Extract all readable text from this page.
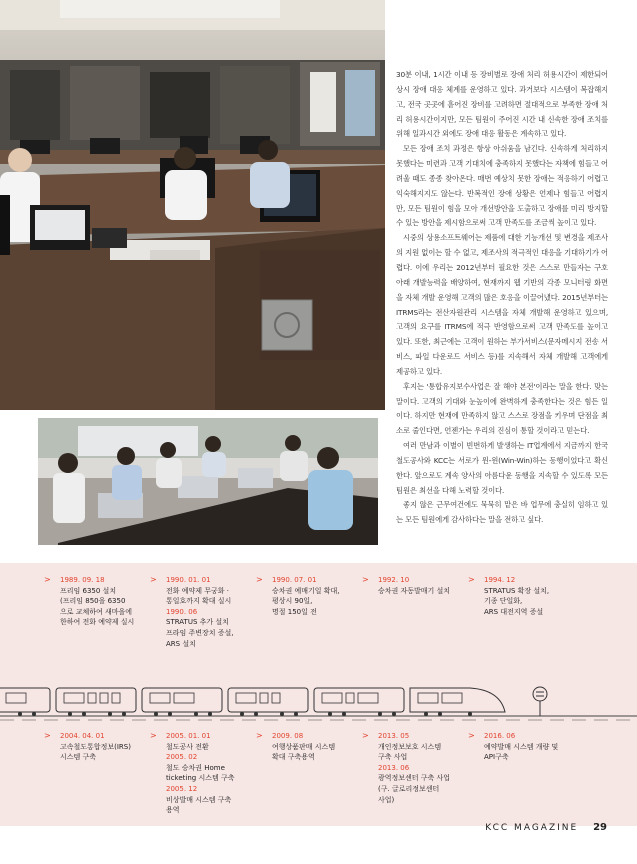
30분 이내, 1시간 이내 등 장비별로 장애 처리 허용시간이 제한되어 상시 장애 대응 체계를 운영하고 있다. 과거보다 시스템이 복잡해지고, 전국 곳곳에 흩어진 장비를 고려하면 절대적으로 부족한 장애 처리 허용시간이지만, 모든 팀원이 주어진 시간 내 신속한 장애 조치를 위해 일과시간 외에도 장애 대응 활동은 계속하고 있다.

모든 장애 조치 과정은 항상 아쉬움을 남긴다. 신속하게 처리하지 못했다는 미련과 고객 기대치에 충족하지 못했다는 자책에 힘들고 어려울 때도 종종 찾아온다. 매번 예상치 못한 장애는 적응하기 어렵고 익숙해지지도 않는다. 반복적인 장애 상황은 언제나 힘들고 어렵지만, 모든 팀원이 힘을 모아 개선방안을 도출하고 장애를 미리 방지할 수 있는 방안을 제시함으로써 고객 만족도를 조금씩 높이고 있다.

시중의 상용소프트웨어는 제품에 대한 기능개선 및 변경을 제조사의 지원 없이는 할 수 없고, 제조사의 적극적인 대응을 기대하기가 어렵다. 이에 우리는 2012년부터 필요한 것은 스스로 만들자는 구호 아래 개발능력을 배양하여, 현재까지 웹 기반의 각종 모니터링 화면을 자체 개발 운영해 고객의 많은 호응을 이끌어냈다. 2015년부터는 ITRMS라는 전산자원관리 시스템을 자체 개발해 운영하고 있으며, 고객의 요구를 ITRMS에 적극 반영함으로써 고객 만족도를 높이고 있다. 또한, 최근에는 고객이 원하는 부가서비스(문자메시지 전송 서비스, 파일 다운로드 서비스 등)를 지속해서 자체 개발해 고객에게 제공하고 있다.

후지는 '통합유지보수사업은 잘 해야 본전'이라는 말을 한다. 맞는 말이다. 고객의 기대와 눈높이에 완벽하게 충족한다는 것은 힘든 일이다. 하지만 현재에 만족하지 않고 스스로 장점을 키우며 단점을 최소로 줄인다면, 언젠가는 우리의 진심이 통할 것이라고 믿는다.

여러 만남과 이별이 빈번하게 발생하는 IT업계에서 지금까지 한국철도공사와 KCC는 서로가 윈-윈(Win-Win)하는 동행이었다고 확신한다. 앞으로도 계속 양사의 아름다운 동행을 지속할 수 있도록 모든 팀원은 최선을 다해 노력할 것이다.

좋지 않은 근무여건에도 묵묵히 맡은 바 업무에 충실히 임하고 있는 모든 팀원에게 감사하다는 말을 전하고 싶다.

> 1989. 09. 18
프리임 6350 설치
(프리임 850을 6350
으로 교체하여 새마을에
한하여 전화 예약제 실시
> 1990. 01. 01
전화 예약제 무궁화 ·
통일호까지 확대 실시
1990. 06
STRATUS 추가 설치
프라임 주변장치 증설,
ARS 설치
> 1990. 07. 01
승차권 예매기일 확대,
평상시 90일,
명절 150일 전
> 1992. 10
승차권 자동발매기 설치
> 1994. 12
STRATUS 확장 설치,
기종 단일화,
ARS 대전지역 증설
> 2004. 04. 01
고속철도통합정보(IRS)
시스템 구축
> 2005. 01. 01
철도공사 전환
2005. 02
철도 승차권 Home
ticketing 시스템 구축
2005. 12
비상발매 시스템 구축
용역
> 2009. 08
여행상품판매 시스템
확대 구축용역
> 2013. 05
개인정보보호 시스템
구축 사업
2013. 06
광역정보센터 구축 사업
(구. 글로리정보센터
사업)
> 2016. 06
예약발매 시스템 개량 및
API구축
KCC MAGAZINE 29
